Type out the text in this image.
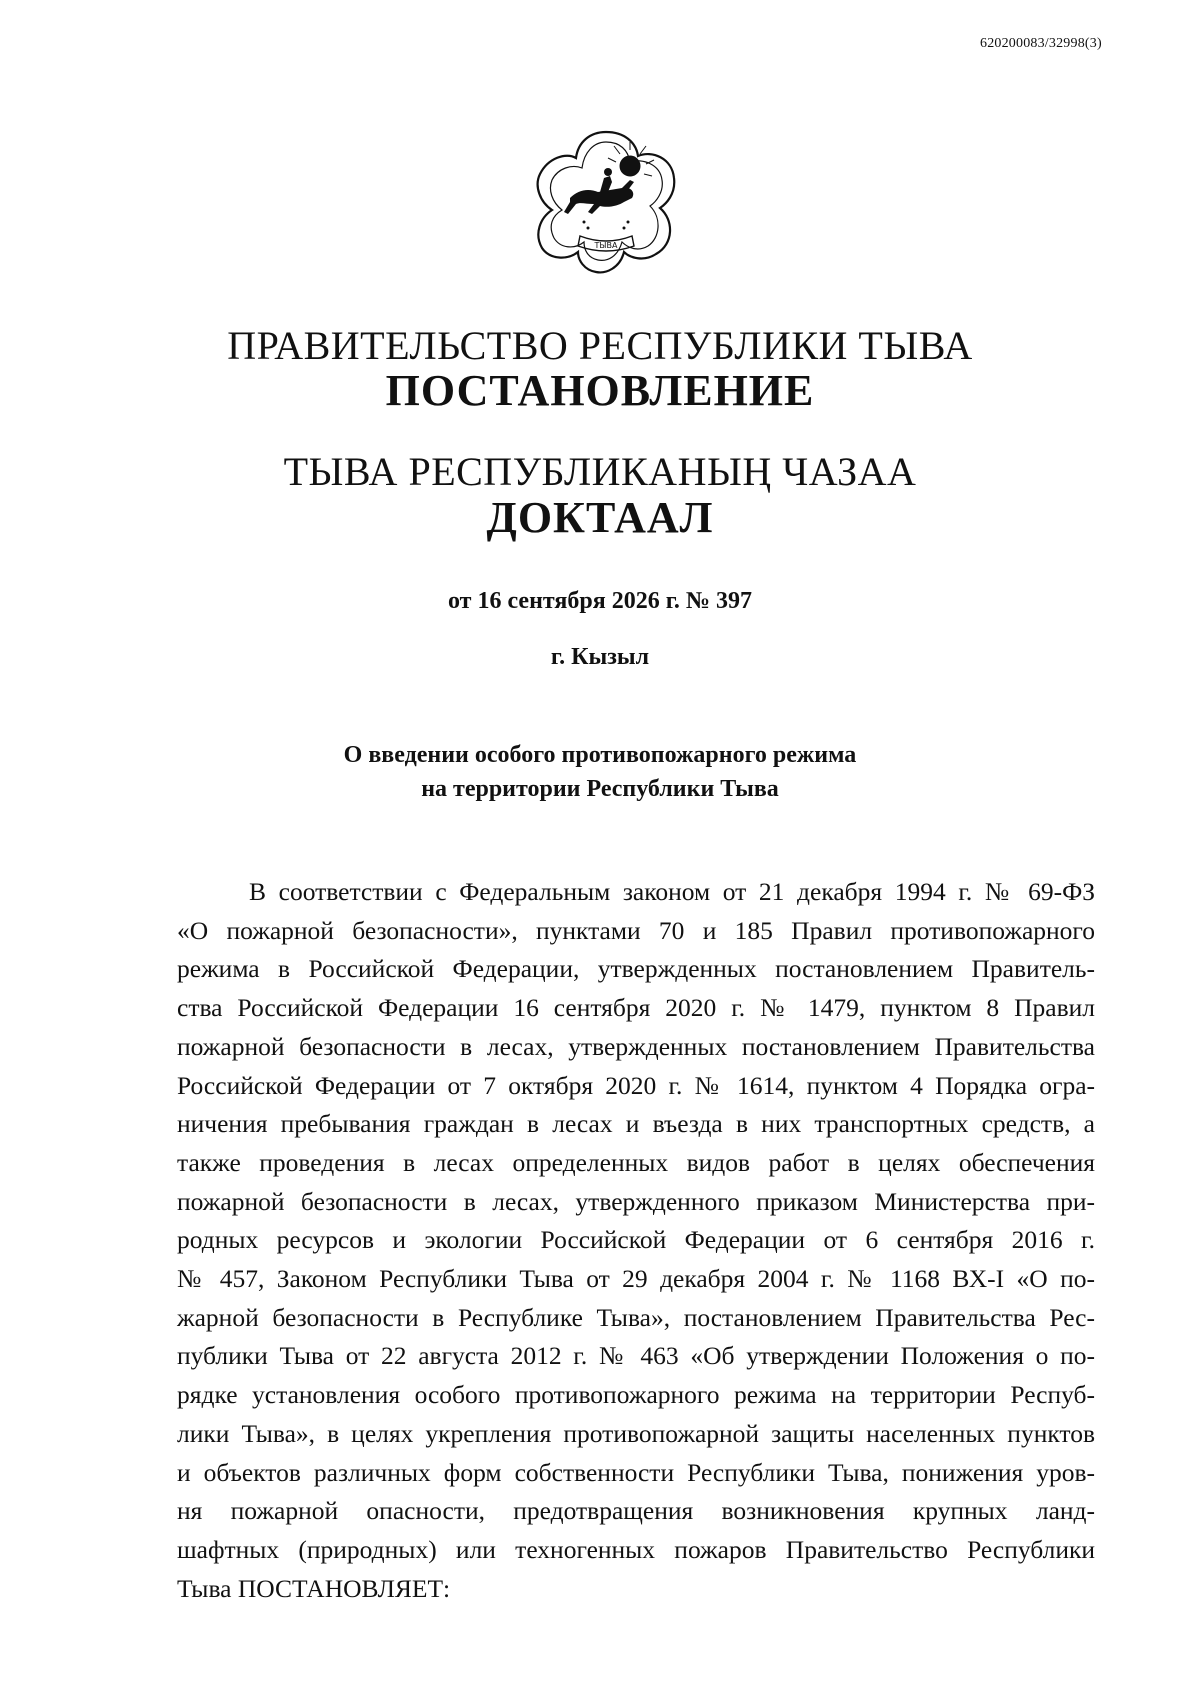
620200083/32998(3)
ТЫВА
ПРАВИТЕЛЬСТВО РЕСПУБЛИКИ ТЫВА
ПОСТАНОВЛЕНИЕ
ТЫВА РЕСПУБЛИКАНЫҢ ЧАЗАА
ДОКТААЛ
от 16 сентября 2026 г. № 397
г. Кызыл
О введении особого противопожарного режима
на территории Республики Тыва
В соответствии с Федеральным законом от 21 декабря 1994 г. № 69-ФЗ
«О пожарной безопасности», пунктами 70 и 185 Правил противопожарного
режима в Российской Федерации, утвержденных постановлением Правитель-
ства Российской Федерации 16 сентября 2020 г. № 1479, пунктом 8 Правил
пожарной безопасности в лесах, утвержденных постановлением Правительства
Российской Федерации от 7 октября 2020 г. № 1614, пунктом 4 Порядка огра-
ничения пребывания граждан в лесах и въезда в них транспортных средств, а
также проведения в лесах определенных видов работ в целях обеспечения
пожарной безопасности в лесах, утвержденного приказом Министерства при-
родных ресурсов и экологии Российской Федерации от 6 сентября 2016 г.
№ 457, Законом Республики Тыва от 29 декабря 2004 г. № 1168 ВХ-I «О по-
жарной безопасности в Республике Тыва», постановлением Правительства Рес-
публики Тыва от 22 августа 2012 г. № 463 «Об утверждении Положения о по-
рядке установления особого противопожарного режима на территории Респуб-
лики Тыва», в целях укрепления противопожарной защиты населенных пунктов
и объектов различных форм собственности Республики Тыва, понижения уров-
ня пожарной опасности, предотвращения возникновения крупных ланд-
шафтных (природных) или техногенных пожаров Правительство Республики
Тыва ПОСТАНОВЛЯЕТ:
